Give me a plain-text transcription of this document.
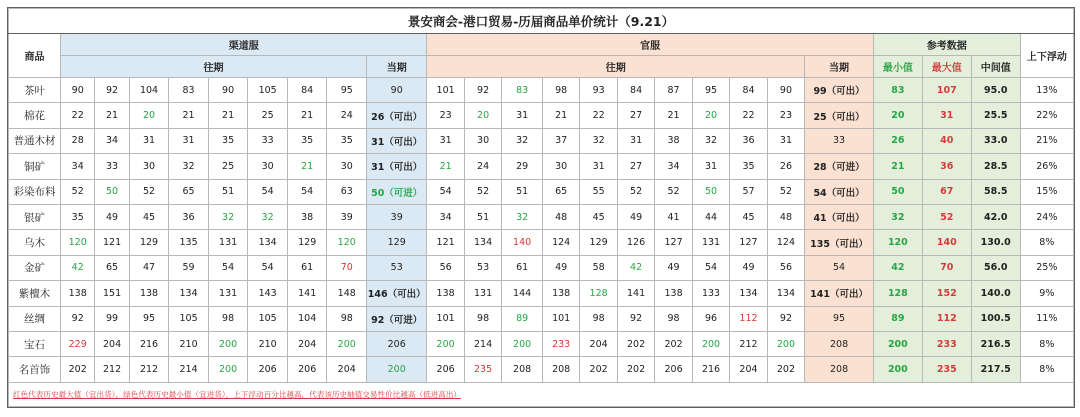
景安商会-港口贸易-历届商品单价统计（9.21）																								
商品	渠道服									官服											参考数据			上下浮动
	往期								当期	往期										当期	最小值	最大值	中间值	
茶叶	90	92	104	83	90	105	84	95	90	101	92	83	98	93	84	87	95	84	90	99（可出）	83	107	95.0	13%
棉花	22	21	20	21	21	25	21	24	26（可出）	23	20	31	21	22	27	21	20	22	23	25（可出）	20	31	25.5	22%
普通木材	28	34	31	31	35	33	35	35	31（可出）	31	30	32	37	32	31	38	32	36	31	33	26	40	33.0	21%
铜矿	34	33	30	32	25	30	21	30	31（可出）	21	24	29	30	31	27	34	31	35	26	28（可进）	21	36	28.5	26%
彩染布料	52	50	52	65	51	54	54	63	50（可进）	54	52	51	65	55	52	52	50	57	52	54（可出）	50	67	58.5	15%
银矿	35	49	45	36	32	32	38	39	39	34	51	32	48	45	49	41	44	45	48	41（可出）	32	52	42.0	24%
乌木	120	121	129	135	131	134	129	120	129	121	134	140	124	129	126	127	131	127	124	135（可出）	120	140	130.0	8%
金矿	42	65	47	59	54	54	61	70	53	56	53	61	49	58	42	49	54	49	56	54	42	70	56.0	25%
紫檀木	138	151	138	134	131	143	141	148	146（可出）	138	131	144	138	128	141	138	133	134	134	141（可出）	128	152	140.0	9%
丝绸	92	99	95	105	98	105	104	98	92（可进）	101	98	89	101	98	92	98	96	112	92	95	89	112	100.5	11%
宝石	229	204	216	210	200	210	204	200	206	200	214	200	233	204	202	202	200	212	200	208	200	233	216.5	8%
名首饰	202	212	212	214	200	206	206	204	200	206	235	208	208	202	202	206	216	204	202	208	200	235	217.5	8%
红色代表历史最大值（宜出货），绿色代表历史最小值（宜进货），上下浮动百分比越高，代表该历史轴值交易性价比越高（低进高出）																								
